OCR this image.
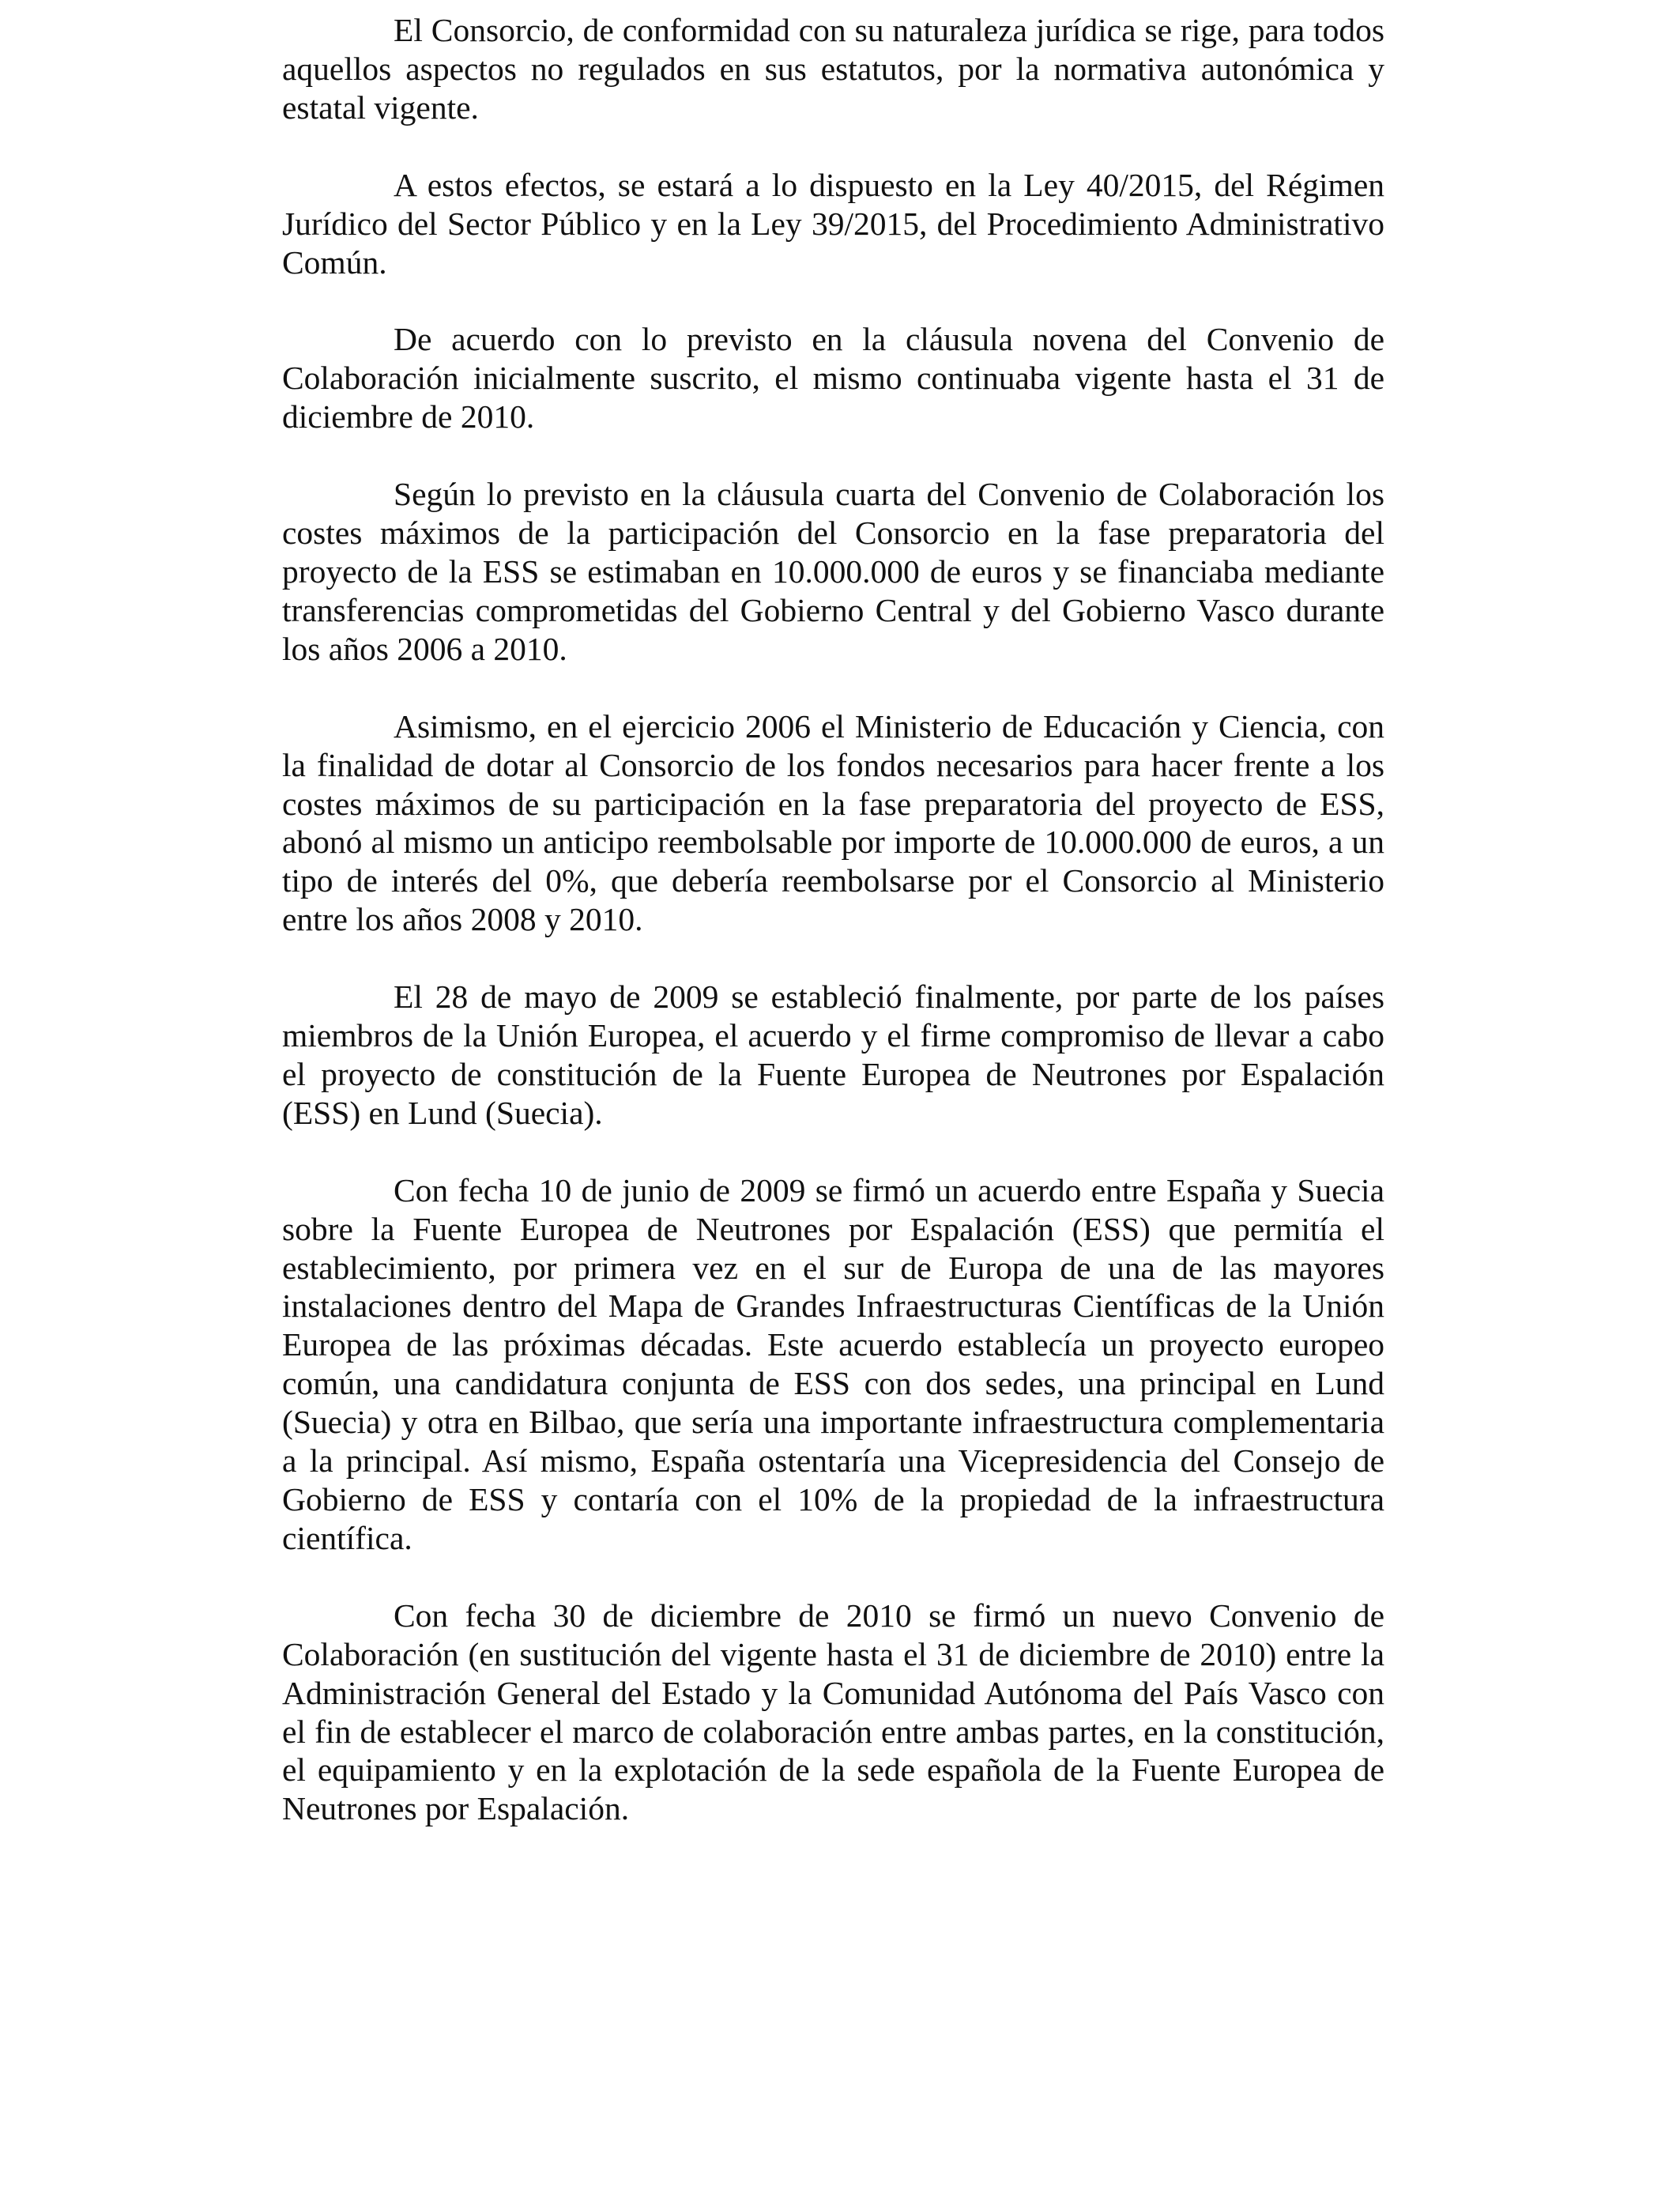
El Consorcio, de conformidad con su naturaleza jurídica se rige, para todos aquellos aspectos no regulados en sus estatutos, por la normativa autonómica y estatal vigente.

A estos efectos, se estará a lo dispuesto en la Ley 40/2015, del Régimen Jurídico del Sector Público y en la Ley 39/2015, del Procedimiento Administrativo Común.

De acuerdo con lo previsto en la cláusula novena del Convenio de Colaboración inicialmente suscrito, el mismo continuaba vigente hasta el 31 de diciembre de 2010.

Según lo previsto en la cláusula cuarta del Convenio de Colaboración los costes máximos de la participación del Consorcio en la fase preparatoria del proyecto de la ESS se estimaban en 10.000.000 de euros y se financiaba mediante transferencias comprometidas del Gobierno Central y del Gobierno Vasco durante los años 2006 a 2010.

Asimismo, en el ejercicio 2006 el Ministerio de Educación y Ciencia, con la finalidad de dotar al Consorcio de los fondos necesarios para hacer frente a los costes máximos de su participación en la fase preparatoria del proyecto de ESS, abonó al mismo un anticipo reembolsable por importe de 10.000.000 de euros, a un tipo de interés del 0%, que debería reembolsarse por el Consorcio al Ministerio entre los años 2008 y 2010.

El 28 de mayo de 2009 se estableció finalmente, por parte de los países miembros de la Unión Europea, el acuerdo y el firme compromiso de llevar a cabo el proyecto de constitución de la Fuente Europea de Neutrones por Espalación (ESS) en Lund (Suecia).

Con fecha 10 de junio de 2009 se firmó un acuerdo entre España y Suecia sobre la Fuente Europea de Neutrones por Espalación (ESS) que permitía el establecimiento, por primera vez en el sur de Europa de una de las mayores instalaciones dentro del Mapa de Grandes Infraestructuras Científicas de la Unión Europea de las próximas décadas. Este acuerdo establecía un proyecto europeo común, una candidatura conjunta de ESS con dos sedes, una principal en Lund (Suecia) y otra en Bilbao, que sería una importante infraestructura complementaria a la principal. Así mismo, España ostentaría una Vicepresidencia del Consejo de Gobierno de ESS y contaría con el 10% de la propiedad de la infraestructura científica.

Con fecha 30 de diciembre de 2010 se firmó un nuevo Convenio de Colaboración (en sustitución del vigente hasta el 31 de diciembre de 2010) entre la Administración General del Estado y la Comunidad Autónoma del País Vasco con el fin de establecer el marco de colaboración entre ambas partes, en la constitución, el equipamiento y en la explotación de la sede española de la Fuente Europea de Neutrones por Espalación.
